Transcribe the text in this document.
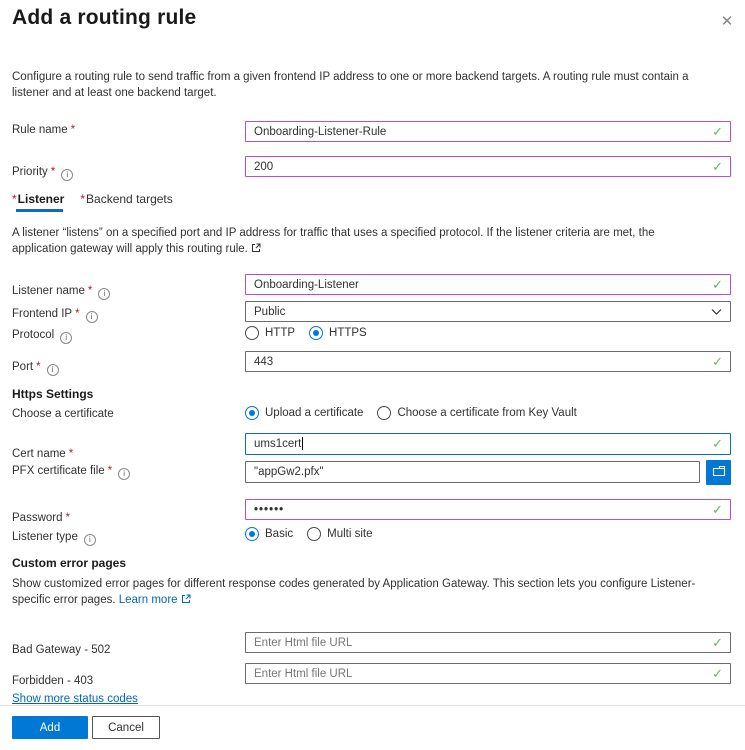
Add a routing rule	✕
Configure a routing rule to send traffic from a given frontend IP address to one or more backend targets. A routing rule must contain a listener and at least one backend target.
Rule name *
Onboarding-Listener-Rule	✓
Priority * i
200
✓
* Listener * Backend targets
A listener “listens” on a specified port and IP address for traffic that uses a specified protocol. If the listener criteria are met, the application gateway will apply this routing rule.
Listener name * i
Onboarding-Listener
✓
Frontend IP * i
Public
Protocol i	HTTP	HTTPS
Port * i
443
✓
Https Settings
Choose a certificate	Upload a certificate	Choose a certificate from Key Vault
Cert name *
ums1cert
✓
PFX certificate file * i
"appGw2.pfx"
Password *
••••••
✓
Listener type i	Basic	Multi site
Custom error pages
Show customized error pages for different response codes generated by Application Gateway. This section lets you configure Listener-specific error pages. Learn more
Bad Gateway - 502
Enter Html file URL
✓
Forbidden - 403
Enter Html file URL
✓
Show more status codes
Add	Cancel
